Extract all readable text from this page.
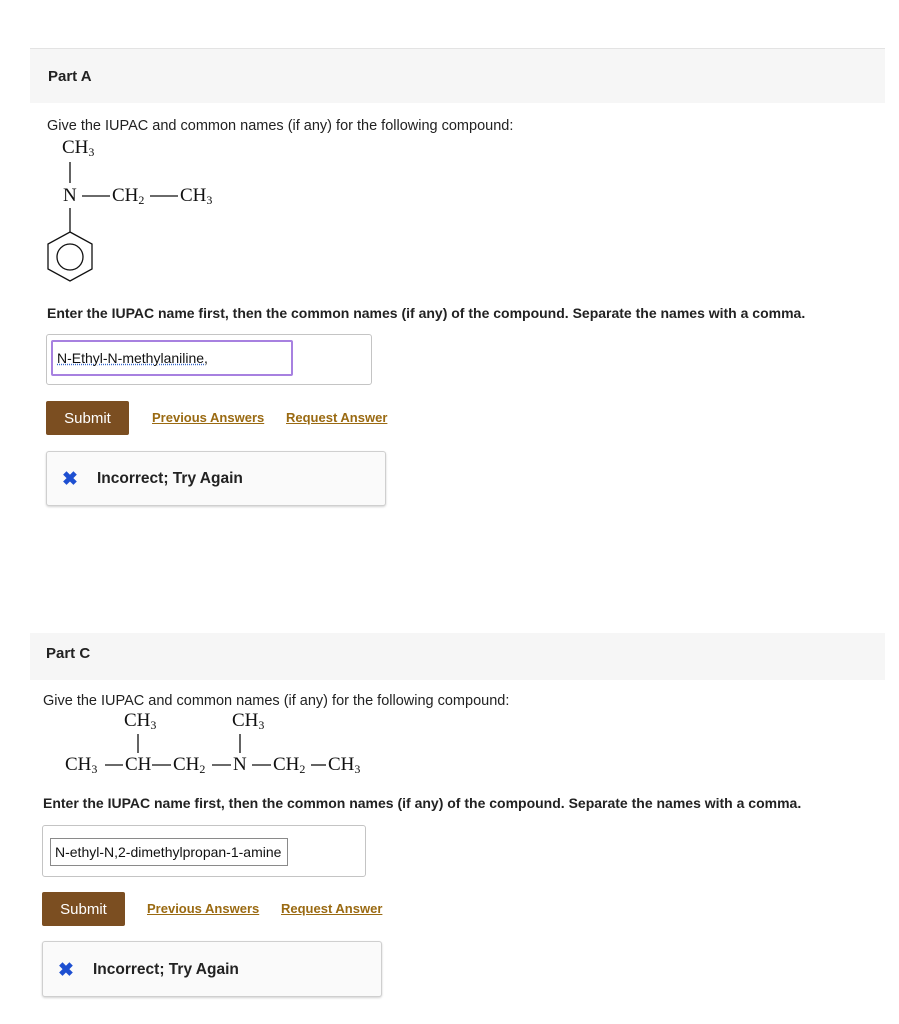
Part A
Give the IUPAC and common names (if any) for the following compound:
$CH_3$
N $CH_2$ $CH_3$
Enter the IUPAC name first, then the common names (if any) of the compound. Separate the names with a comma.
N-Ethyl-N-methylaniline,
Submit	Previous Answers Request Answer
✖ Incorrect; Try Again
Part C
Give the IUPAC and common names (if any) for the following compound:
$CH_3$	$CH_3$
$CH_3$ CH $CH_2$ N $CH_2$ $CH_3$
Enter the IUPAC name first, then the common names (if any) of the compound. Separate the names with a comma.
N-ethyl-N,2-dimethylpropan-1-amine
Submit	Previous Answers Request Answer
✖ Incorrect; Try Again
